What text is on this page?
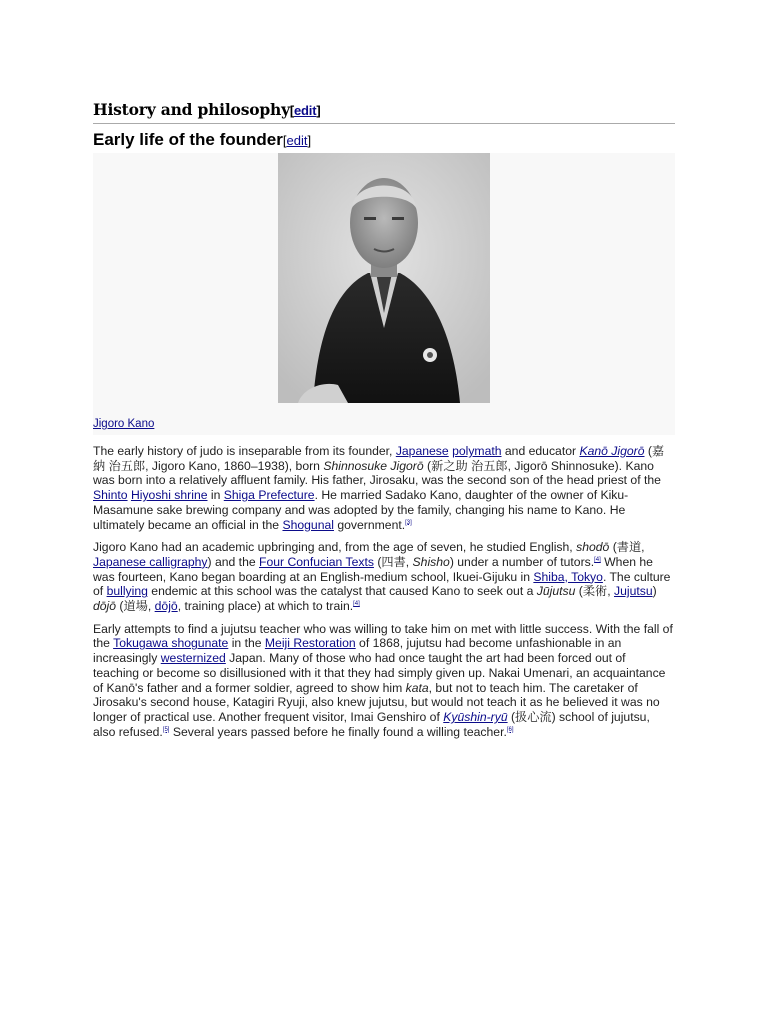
History and philosophy[edit]
Early life of the founder[edit]
Jigoro Kano

The early history of judo is inseparable from its founder, Japanese polymath and educator Kanō Jigorō (嘉納 治五郎, Jigoro Kano, 1860–1938), born Shinnosuke Jigorō (新之助 治五郎, Jigorō Shinnosuke). Kano was born into a relatively affluent family. His father, Jirosaku, was the second son of the head priest of the Shinto Hiyoshi shrine in Shiga Prefecture. He married Sadako Kano, daughter of the owner of Kiku-Masamune sake brewing company and was adopted by the family, changing his name to Kano. He ultimately became an official in the Shogunal government.[3]

Jigoro Kano had an academic upbringing and, from the age of seven, he studied English, shodō (書道, Japanese calligraphy) and the Four Confucian Texts (四書, Shisho) under a number of tutors.[4] When he was fourteen, Kano began boarding at an English-medium school, Ikuei-Gijuku in Shiba, Tokyo. The culture of bullying endemic at this school was the catalyst that caused Kano to seek out a Jūjutsu (柔術, Jujutsu) dōjō (道場, dōjō, training place) at which to train.[4]

Early attempts to find a jujutsu teacher who was willing to take him on met with little success. With the fall of the Tokugawa shogunate in the Meiji Restoration of 1868, jujutsu had become unfashionable in an increasingly westernized Japan. Many of those who had once taught the art had been forced out of teaching or become so disillusioned with it that they had simply given up. Nakai Umenari, an acquaintance of Kanō's father and a former soldier, agreed to show him kata, but not to teach him. The caretaker of Jirosaku's second house, Katagiri Ryuji, also knew jujutsu, but would not teach it as he believed it was no longer of practical use. Another frequent visitor, Imai Genshiro of Kyūshin-ryū (扱心流) school of jujutsu, also refused.[5] Several years passed before he finally found a willing teacher.[6]
